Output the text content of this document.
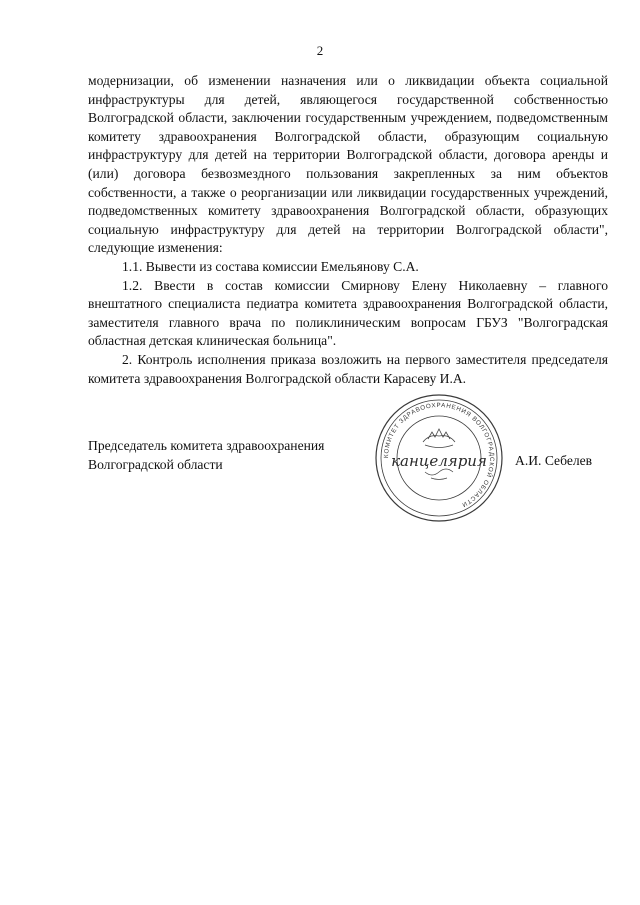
2

модернизации, об изменении назначения или о ликвидации объекта социальной инфраструктуры для детей, являющегося государственной собственностью Волгоградской области, заключении государственным учреждением, подведомственным комитету здравоохранения Волгоградской области, образующим социальную инфраструктуру для детей на территории Волгоградской области, договора аренды и (или) договора безвозмездного пользования закрепленных за ним объектов собственности, а также о реорганизации или ликвидации государственных учреждений, подведомственных комитету здравоохранения Волгоградской области, образующих социальную инфраструктуру для детей на территории Волгоградской области", следующие изменения:

1.1. Вывести из состава комиссии Емельянову С.А.

1.2. Ввести в состав комиссии Смирнову Елену Николаевну – главного внештатного специалиста педиатра комитета здравоохранения Волгоградской области, заместителя главного врача по поликлиническим вопросам ГБУЗ "Волгоградская областная детская клиническая больница".

2. Контроль исполнения приказа возложить на первого заместителя председателя комитета здравоохранения Волгоградской области Карасеву И.А.

Председатель комитета здравоохранения
Волгоградской области
КОМИТЕТ ЗДРАВООХРАНЕНИЯ ВОЛГОГРАДСКОЙ ОБЛАСТИ
канцелярия А.И. Себелев
